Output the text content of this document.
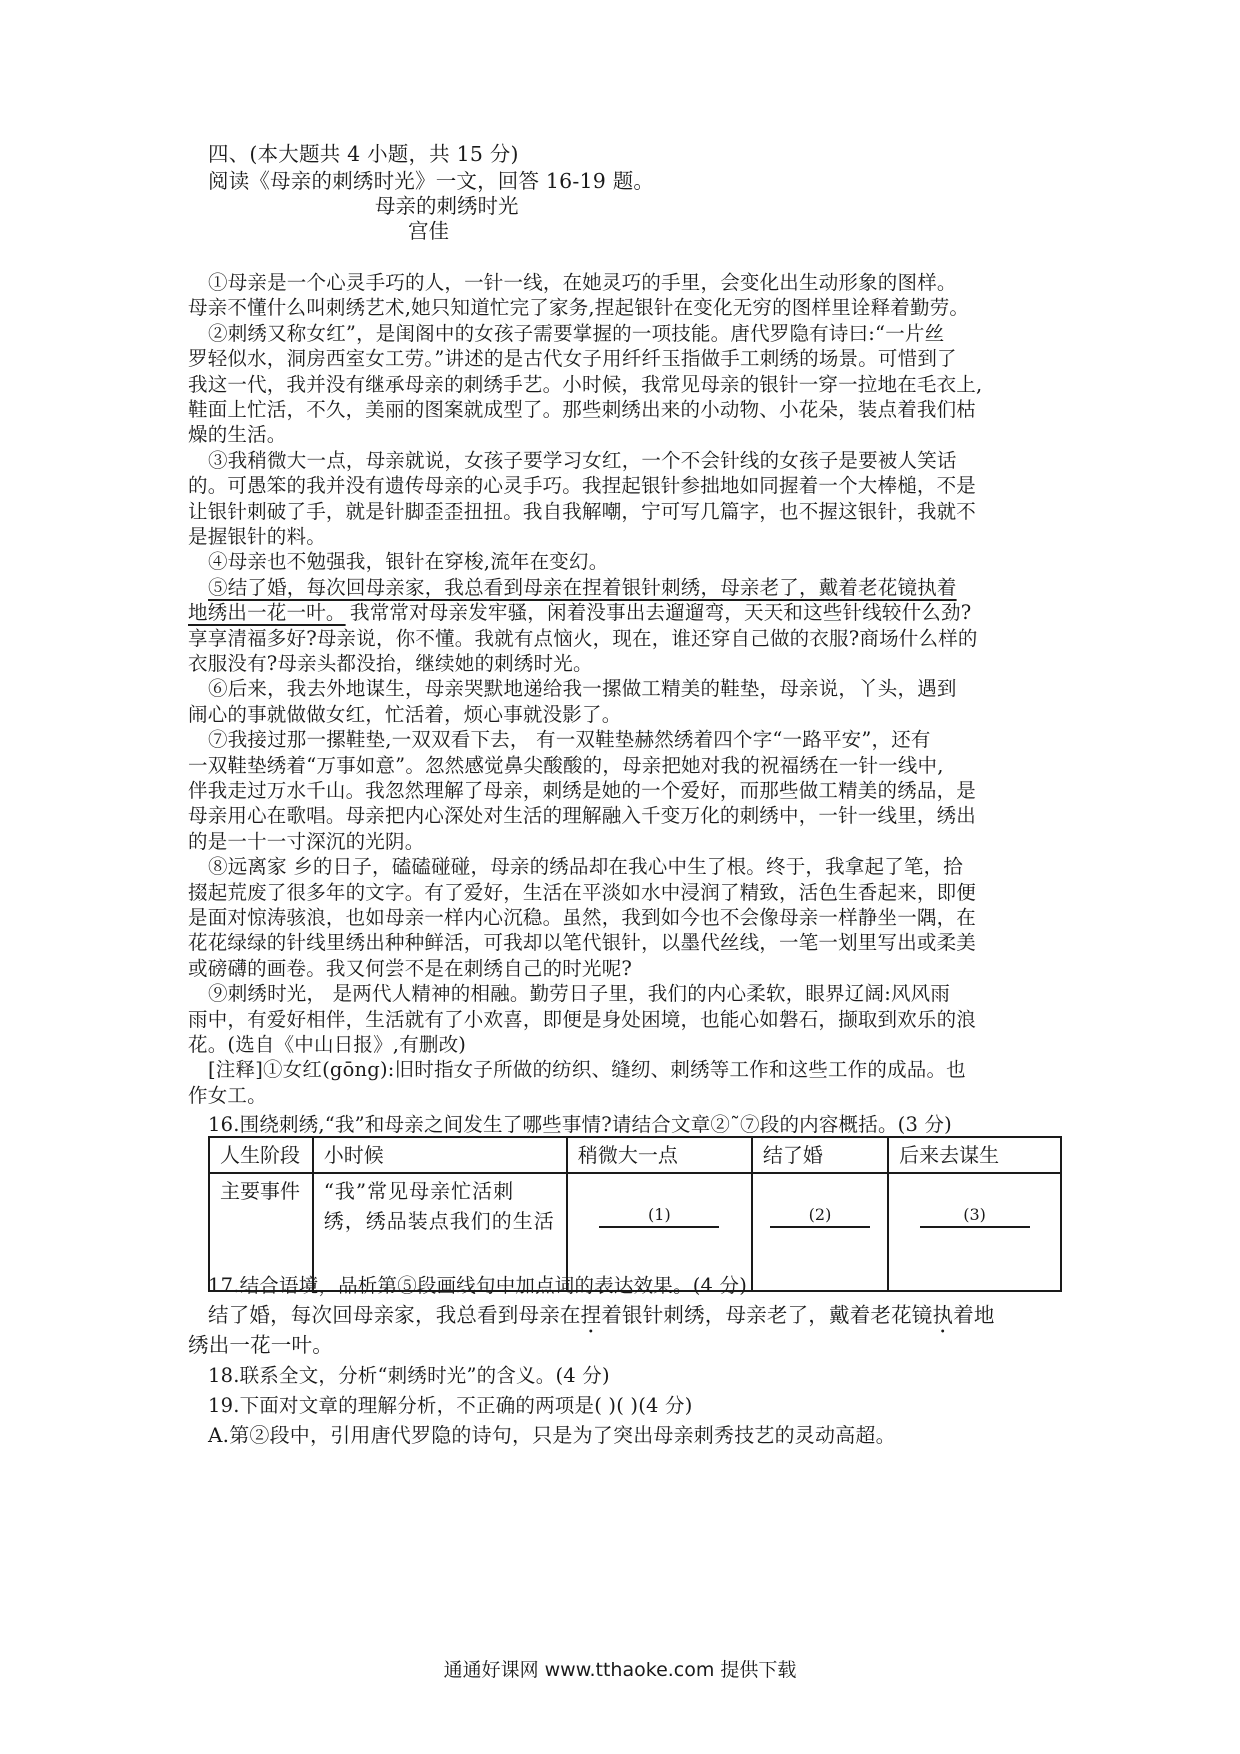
四、(本大题共 4 小题，共 15 分)
阅读《母亲的刺绣时光》一文，回答 16-19 题。
母亲的刺绣时光
宫佳
①母亲是一个心灵手巧的人，一针一线，在她灵巧的手里，会变化出生动形象的图样。
母亲不懂什么叫刺绣艺术,她只知道忙完了家务,捏起银针在变化无穷的图样里诠释着勤劳。
②刺绣又称女红”，是闺阁中的女孩子需要掌握的一项技能。唐代罗隐有诗曰:“一片丝
罗轻似水，洞房西室女工劳。”讲述的是古代女子用纤纤玉指做手工刺绣的场景。可惜到了
我这一代，我并没有继承母亲的刺绣手艺。小时候，我常见母亲的银针一穿一拉地在毛衣上,
鞋面上忙活，不久，美丽的图案就成型了。那些刺绣出来的小动物、小花朵，装点着我们枯
燥的生活。
③我稍微大一点，母亲就说，女孩子要学习女红，一个不会针线的女孩子是要被人笑话
的。可愚笨的我并没有遗传母亲的心灵手巧。我捏起银针参拙地如同握着一个大棒槌，不是
让银针刺破了手，就是针脚歪歪扭扭。我自我解嘲，宁可写几篇字，也不握这银针，我就不
是握银针的料。
④母亲也不勉强我，银针在穿梭,流年在变幻。
⑤结了婚，每次回母亲家，我总看到母亲在捏着银针刺绣，母亲老了，戴着老花镜执着
地绣出一花一叶。 我常常对母亲发牢骚，闲着没事出去遛遛弯，天天和这些针线较什么劲?
享享清福多好?母亲说，你不懂。我就有点恼火，现在，谁还穿自己做的衣服?商场什么样的
衣服没有?母亲头都没抬，继续她的刺绣时光。
⑥后来，我去外地谋生，母亲哭默地递给我一摞做工精美的鞋垫，母亲说，丫头，遇到
闹心的事就做做女红，忙活着，烦心事就没影了。
⑦我接过那一摞鞋垫,一双双看下去， 有一双鞋垫赫然绣着四个字“一路平安”，还有
一双鞋垫绣着“万事如意”。忽然感觉鼻尖酸酸的，母亲把她对我的祝福绣在一针一线中,
伴我走过万水千山。我忽然理解了母亲，刺绣是她的一个爱好，而那些做工精美的绣品，是
母亲用心在歌唱。母亲把内心深处对生活的理解融入千变万化的刺绣中，一针一线里，绣出
的是一十一寸深沉的光阴。
⑧远离家 乡的日子，磕磕碰碰，母亲的绣品却在我心中生了根。终于，我拿起了笔，拾
掇起荒废了很多年的文字。有了爱好，生活在平淡如水中浸润了精致，活色生香起来，即便
是面对惊涛骇浪，也如母亲一样内心沉稳。虽然，我到如今也不会像母亲一样静坐一隅，在
花花绿绿的针线里绣出种种鲜活，可我却以笔代银针，以墨代丝线，一笔一划里写出或柔美
或磅礴的画卷。我又何尝不是在刺绣自己的时光呢?
⑨刺绣时光， 是两代人精神的相融。勤劳日子里，我们的内心柔软，眼界辽阔:风风雨
雨中，有爱好相伴，生活就有了小欢喜，即便是身处困境，也能心如磐石，撷取到欢乐的浪
花。(选自《中山日报》,有删改)
[注释]①女红(gōng):旧时指女子所做的纺织、缝纫、刺绣等工作和这些工作的成品。也
作女工。
16.围绕刺绣,“我”和母亲之间发生了哪些事情?请结合文章②˜⑦段的内容概括。(3 分)
人生阶段	小时候	稍微大一点	结了婚	后来去谋生
主要事件	“我”常见母亲忙活刺绣，绣品装点我们的生活	(1)	(2)	(3)
17.结合语境，品析第⑤段画线句中加点词的表达效果。(4 分)
结了婚，每次回母亲家，我总看到母亲在捏着银针刺绣，母亲老了，戴着老花镜执着地
绣出一花一叶。
通通好课网 www.tthaoke.com 提供下载
18.联系全文，分析“刺绣时光”的含义。(4 分)
19.下面对文章的理解分析，不正确的两项是( )( )(4 分)
A.第②段中，引用唐代罗隐的诗句，只是为了突出母亲刺秀技艺的灵动高超。
